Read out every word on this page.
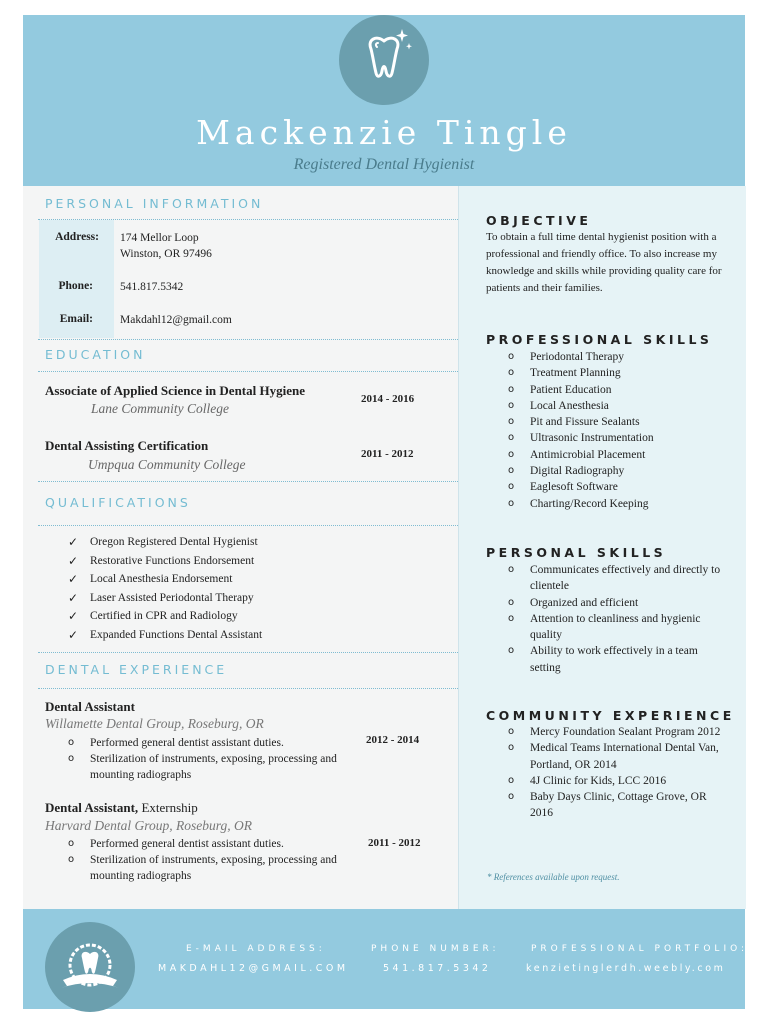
Mackenzie Tingle
Registered Dental Hygienist
PERSONAL INFORMATION
Address: 174 Mellor Loop
Winston, OR 97496
Phone: 541.817.5342
Email: Makdahl12@gmail.com
EDUCATION
Associate of Applied Science in Dental Hygiene
Lane Community College
2014 - 2016
Dental Assisting Certification
Umpqua Community College
2011 - 2012
QUALIFICATIONS
✓ Oregon Registered Dental Hygienist
✓ Restorative Functions Endorsement
✓ Local Anesthesia Endorsement
✓ Laser Assisted Periodontal Therapy
✓ Certified in CPR and Radiology
✓ Expanded Functions Dental Assistant
DENTAL EXPERIENCE
Dental Assistant
Willamette Dental Group, Roseburg, OR
2012 - 2014
o Performed general dentist assistant duties.
o Sterilization of instruments, exposing, processing and mounting radiographs
Dental Assistant, Externship
Harvard Dental Group, Roseburg, OR
2011 - 2012
o Performed general dentist assistant duties.
o Sterilization of instruments, exposing, processing and mounting radiographs
OBJECTIVE
To obtain a full time dental hygienist position with a professional and friendly office. To also increase my knowledge and skills while providing quality care for patients and their families.
PROFESSIONAL SKILLS
o Periodontal Therapy
o Treatment Planning
o Patient Education
o Local Anesthesia
o Pit and Fissure Sealants
o Ultrasonic Instrumentation
o Antimicrobial Placement
o Digital Radiography
o Eaglesoft Software
o Charting/Record Keeping
PERSONAL SKILLS
o Communicates effectively and directly to clientele
o Organized and efficient
o Attention to cleanliness and hygienic quality
o Ability to work effectively in a team setting
COMMUNITY EXPERIENCE
o Mercy Foundation Sealant Program 2012
o Medical Teams International Dental Van, Portland, OR 2014
o 4J Clinic for Kids, LCC 2016
o Baby Days Clinic, Cottage Grove, OR 2016
* References available upon request.
E-MAIL ADDRESS:
MAKDAHL12@GMAIL.COM
PHONE NUMBER:
541.817.5342
PROFESSIONAL PORTFOLIO:
kenzietinglerdh.weebly.com
